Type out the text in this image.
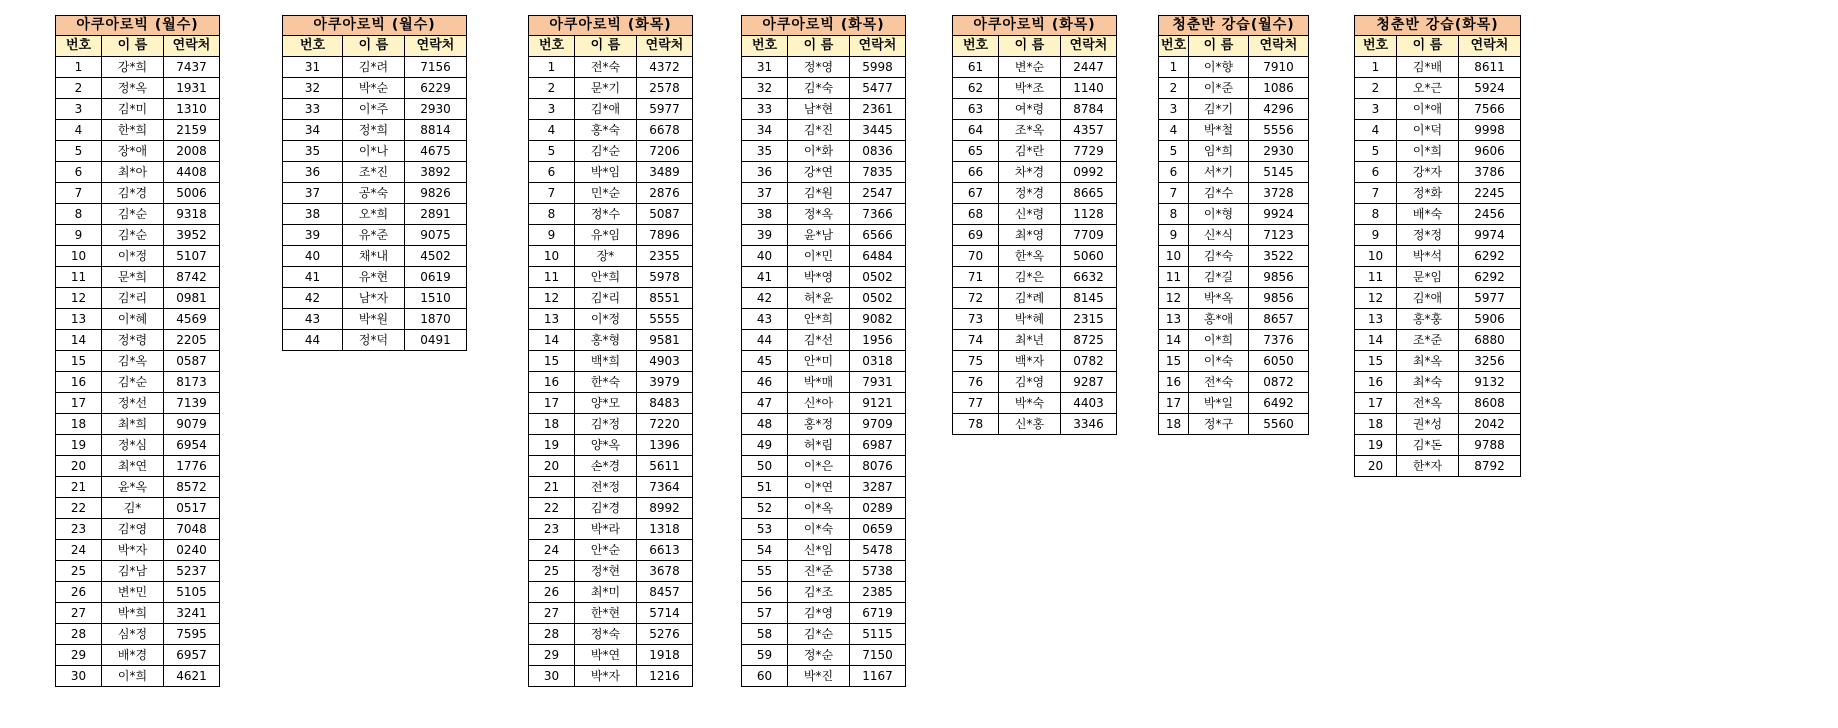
아쿠아로빅 (월수)		
번호	이 름	연락처
1	강*희	7437
2	정*옥	1931
3	김*미	1310
4	한*희	2159
5	장*애	2008
6	최*아	4408
7	김*경	5006
8	김*순	9318
9	김*순	3952
10	이*정	5107
11	문*희	8742
12	김*리	0981
13	이*혜	4569
14	정*령	2205
15	김*옥	0587
16	김*순	8173
17	정*선	7139
18	최*희	9079
19	정*심	6954
20	최*연	1776
21	윤*옥	8572
22	김*	0517
23	김*영	7048
24	박*자	0240
25	김*남	5237
26	변*민	5105
27	박*희	3241
28	심*정	7595
29	배*경	6957
30	이*희	4621
아쿠아로빅 (월수)		
번호	이 름	연락처
31	김*려	7156
32	박*순	6229
33	이*주	2930
34	정*희	8814
35	이*나	4675
36	조*진	3892
37	공*숙	9826
38	오*희	2891
39	유*준	9075
40	채*내	4502
41	유*현	0619
42	남*자	1510
43	박*원	1870
44	정*덕	0491
아쿠아로빅 (화목)		
번호	이 름	연락처
1	전*숙	4372
2	문*기	2578
3	김*애	5977
4	홍*숙	6678
5	김*순	7206
6	박*임	3489
7	민*순	2876
8	정*수	5087
9	유*임	7896
10	장*	2355
11	안*희	5978
12	김*리	8551
13	이*정	5555
14	홍*형	9581
15	백*희	4903
16	한*숙	3979
17	양*모	8483
18	김*정	7220
19	양*옥	1396
20	손*경	5611
21	전*정	7364
22	김*경	8992
23	박*라	1318
24	안*순	6613
25	정*현	3678
26	최*미	8457
27	한*현	5714
28	정*숙	5276
29	박*연	1918
30	박*자	1216
아쿠아로빅 (화목)		
번호	이 름	연락처
31	정*영	5998
32	김*숙	5477
33	남*현	2361
34	김*진	3445
35	이*화	0836
36	강*연	7835
37	김*원	2547
38	정*옥	7366
39	윤*남	6566
40	이*민	6484
41	박*영	0502
42	허*윤	0502
43	안*희	9082
44	김*선	1956
45	안*미	0318
46	박*매	7931
47	신*아	9121
48	홍*정	9709
49	허*림	6987
50	이*은	8076
51	이*연	3287
52	이*옥	0289
53	이*숙	0659
54	신*임	5478
55	진*준	5738
56	김*조	2385
57	김*영	6719
58	김*순	5115
59	정*순	7150
60	박*진	1167
아쿠아로빅 (화목)		
번호	이 름	연락처
61	변*순	2447
62	박*조	1140
63	여*령	8784
64	조*옥	4357
65	김*란	7729
66	차*경	0992
67	정*경	8665
68	신*령	1128
69	최*영	7709
70	한*옥	5060
71	김*은	6632
72	김*례	8145
73	박*혜	2315
74	최*년	8725
75	백*자	0782
76	김*영	9287
77	박*숙	4403
78	신*홍	3346
청춘반 강습(월수)		
번호	이 름	연락처
1	이*향	7910
2	이*준	1086
3	김*기	4296
4	박*철	5556
5	임*희	2930
6	서*기	5145
7	김*수	3728
8	이*형	9924
9	신*식	7123
10	김*숙	3522
11	김*길	9856
12	박*옥	9856
13	홍*애	8657
14	이*희	7376
15	이*숙	6050
16	전*숙	0872
17	박*일	6492
18	정*구	5560
청춘반 강습(화목)		
번호	이 름	연락처
1	김*배	8611
2	오*근	5924
3	이*애	7566
4	이*덕	9998
5	이*희	9606
6	강*자	3786
7	정*화	2245
8	배*숙	2456
9	정*정	9974
10	박*석	6292
11	문*임	6292
12	김*애	5977
13	홍*훙	5906
14	조*준	6880
15	최*옥	3256
16	최*숙	9132
17	전*옥	8608
18	권*성	2042
19	김*돈	9788
20	한*자	8792
